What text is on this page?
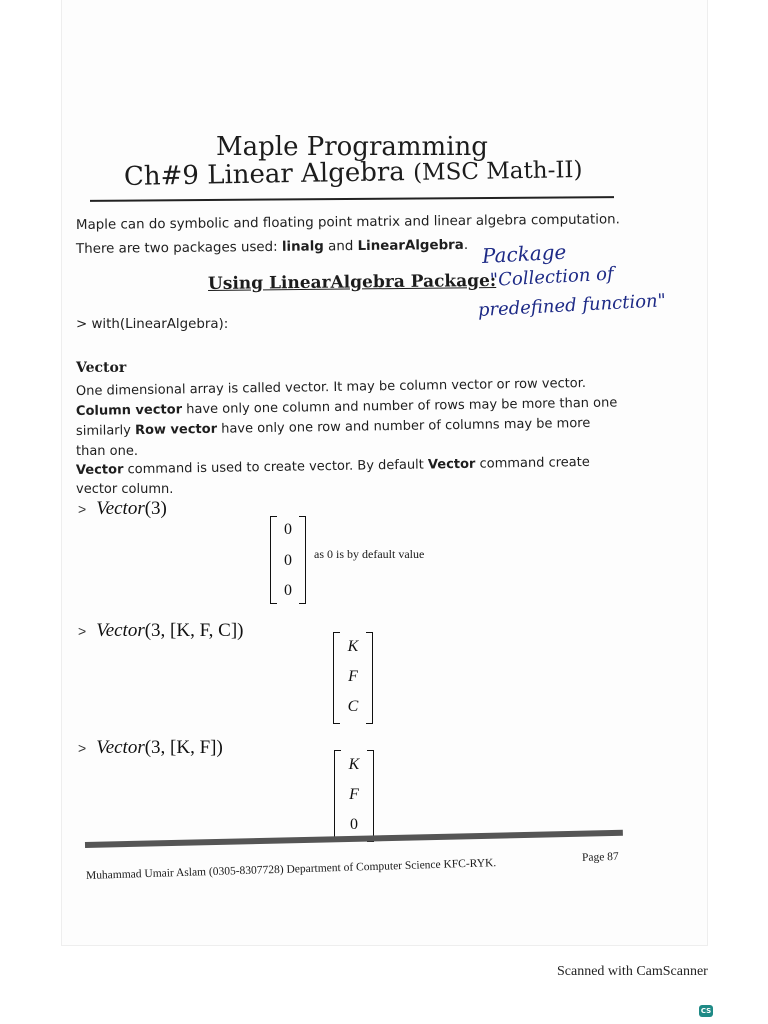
Maple Programming
Ch#9 Linear Algebra (MSC Math-II)
Maple can do symbolic and floating point matrix and linear algebra computation.
There are two packages used: linalg and LinearAlgebra.
Using LinearAlgebra Package:
Package
"Collection of
predefined function"
> with(LinearAlgebra):
Vector
One dimensional array is called vector. It may be column vector or row vector.
Column vector have only one column and number of rows may be more than one
similarly Row vector have only one row and number of columns may be more
than one.
Vector command is used to create vector. By default Vector command create
vector column.
> Vector(3)
0
0
0
as 0 is by default value
> Vector(3, [K, F, C])
K
F
C
> Vector(3, [K, F])
K
F
0
Muhammad Umair Aslam (0305-8307728) Department of Computer Science KFC-RYK.	Page 87
Scanned with CamScanner
CS
